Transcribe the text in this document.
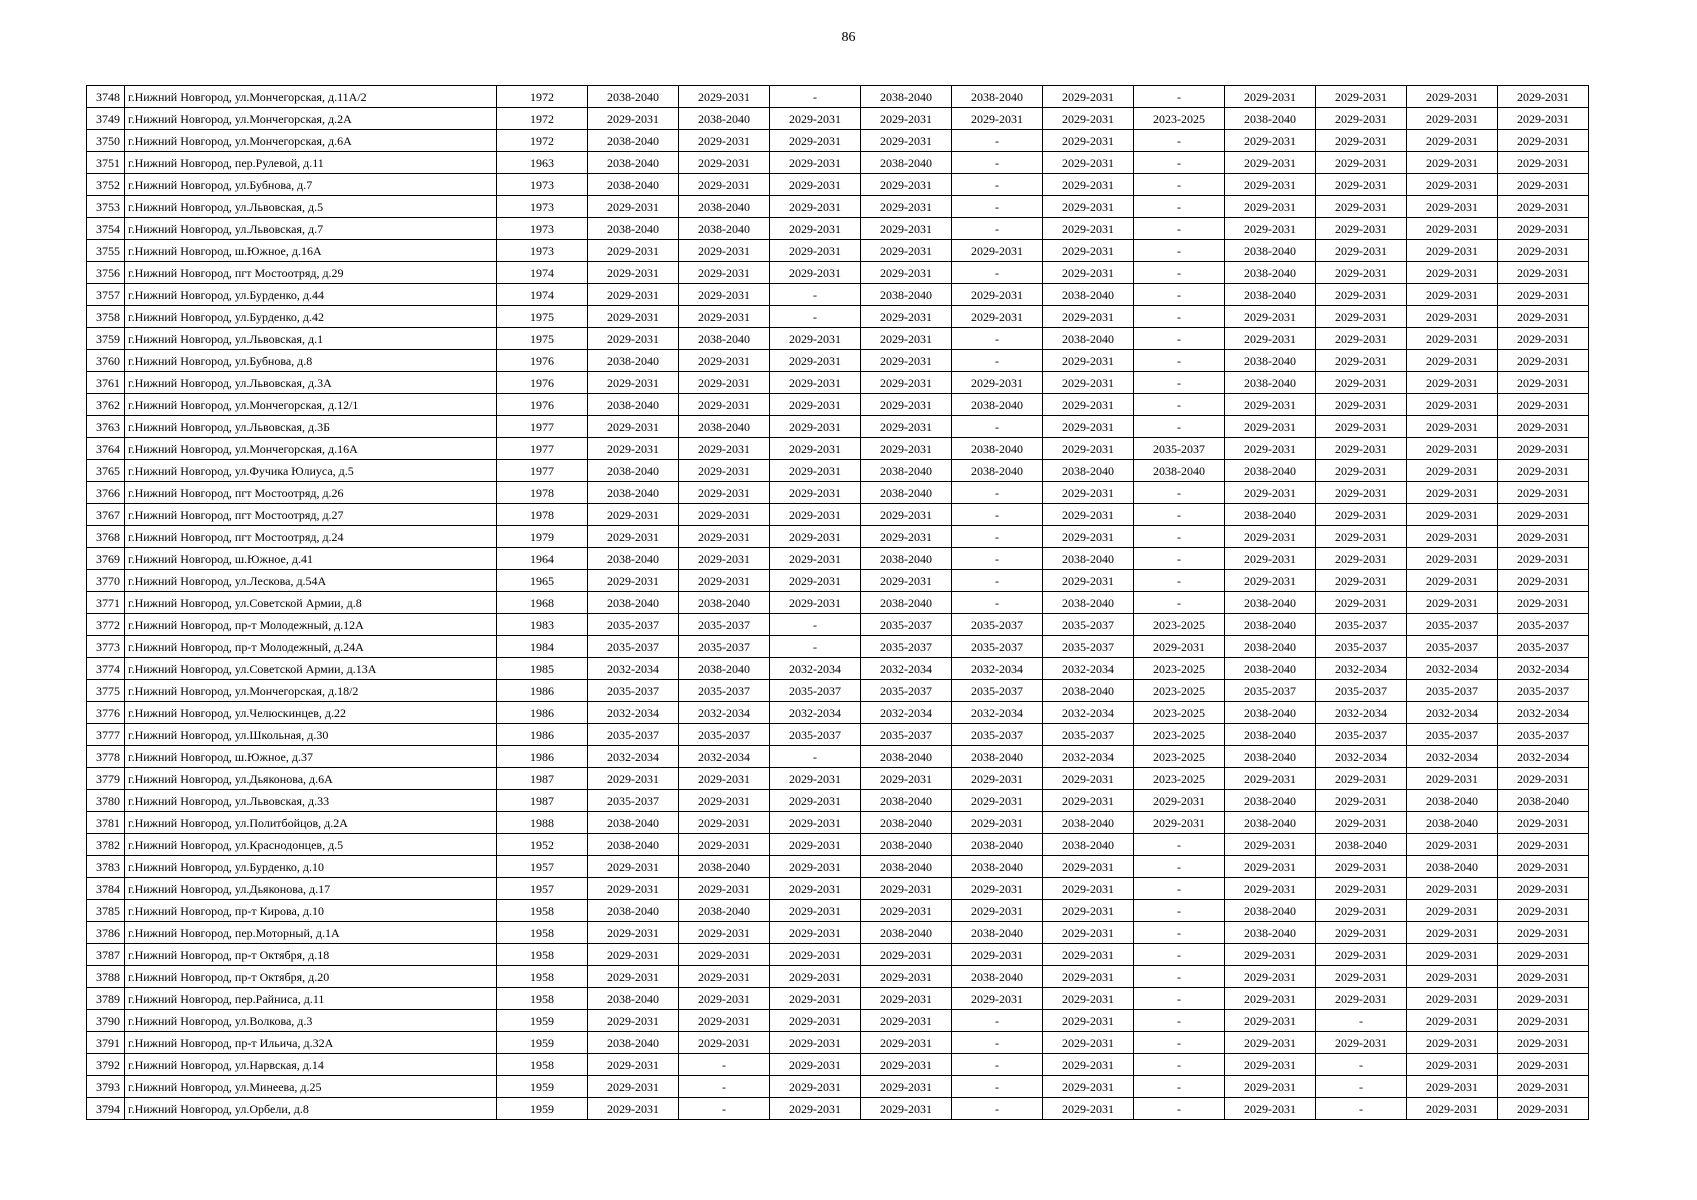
86
3748	г.Нижний Новгород, ул.Мончегорская, д.11А/2	1972	2038-2040	2029-2031	-	2038-2040	2038-2040	2029-2031	-	2029-2031	2029-2031	2029-2031	2029-2031
3749	г.Нижний Новгород, ул.Мончегорская, д.2А	1972	2029-2031	2038-2040	2029-2031	2029-2031	2029-2031	2029-2031	2023-2025	2038-2040	2029-2031	2029-2031	2029-2031
3750	г.Нижний Новгород, ул.Мончегорская, д.6А	1972	2038-2040	2029-2031	2029-2031	2029-2031	-	2029-2031	-	2029-2031	2029-2031	2029-2031	2029-2031
3751	г.Нижний Новгород, пер.Рулевой, д.11	1963	2038-2040	2029-2031	2029-2031	2038-2040	-	2029-2031	-	2029-2031	2029-2031	2029-2031	2029-2031
3752	г.Нижний Новгород, ул.Бубнова, д.7	1973	2038-2040	2029-2031	2029-2031	2029-2031	-	2029-2031	-	2029-2031	2029-2031	2029-2031	2029-2031
3753	г.Нижний Новгород, ул.Львовская, д.5	1973	2029-2031	2038-2040	2029-2031	2029-2031	-	2029-2031	-	2029-2031	2029-2031	2029-2031	2029-2031
3754	г.Нижний Новгород, ул.Львовская, д.7	1973	2038-2040	2038-2040	2029-2031	2029-2031	-	2029-2031	-	2029-2031	2029-2031	2029-2031	2029-2031
3755	г.Нижний Новгород, ш.Южное, д.16А	1973	2029-2031	2029-2031	2029-2031	2029-2031	2029-2031	2029-2031	-	2038-2040	2029-2031	2029-2031	2029-2031
3756	г.Нижний Новгород, пгт Мостоотряд, д.29	1974	2029-2031	2029-2031	2029-2031	2029-2031	-	2029-2031	-	2038-2040	2029-2031	2029-2031	2029-2031
3757	г.Нижний Новгород, ул.Бурденко, д.44	1974	2029-2031	2029-2031	-	2038-2040	2029-2031	2038-2040	-	2038-2040	2029-2031	2029-2031	2029-2031
3758	г.Нижний Новгород, ул.Бурденко, д.42	1975	2029-2031	2029-2031	-	2029-2031	2029-2031	2029-2031	-	2029-2031	2029-2031	2029-2031	2029-2031
3759	г.Нижний Новгород, ул.Львовская, д.1	1975	2029-2031	2038-2040	2029-2031	2029-2031	-	2038-2040	-	2029-2031	2029-2031	2029-2031	2029-2031
3760	г.Нижний Новгород, ул.Бубнова, д.8	1976	2038-2040	2029-2031	2029-2031	2029-2031	-	2029-2031	-	2038-2040	2029-2031	2029-2031	2029-2031
3761	г.Нижний Новгород, ул.Львовская, д.3А	1976	2029-2031	2029-2031	2029-2031	2029-2031	2029-2031	2029-2031	-	2038-2040	2029-2031	2029-2031	2029-2031
3762	г.Нижний Новгород, ул.Мончегорская, д.12/1	1976	2038-2040	2029-2031	2029-2031	2029-2031	2038-2040	2029-2031	-	2029-2031	2029-2031	2029-2031	2029-2031
3763	г.Нижний Новгород, ул.Львовская, д.3Б	1977	2029-2031	2038-2040	2029-2031	2029-2031	-	2029-2031	-	2029-2031	2029-2031	2029-2031	2029-2031
3764	г.Нижний Новгород, ул.Мончегорская, д.16А	1977	2029-2031	2029-2031	2029-2031	2029-2031	2038-2040	2029-2031	2035-2037	2029-2031	2029-2031	2029-2031	2029-2031
3765	г.Нижний Новгород, ул.Фучика Юлиуса, д.5	1977	2038-2040	2029-2031	2029-2031	2038-2040	2038-2040	2038-2040	2038-2040	2038-2040	2029-2031	2029-2031	2029-2031
3766	г.Нижний Новгород, пгт Мостоотряд, д.26	1978	2038-2040	2029-2031	2029-2031	2038-2040	-	2029-2031	-	2029-2031	2029-2031	2029-2031	2029-2031
3767	г.Нижний Новгород, пгт Мостоотряд, д.27	1978	2029-2031	2029-2031	2029-2031	2029-2031	-	2029-2031	-	2038-2040	2029-2031	2029-2031	2029-2031
3768	г.Нижний Новгород, пгт Мостоотряд, д.24	1979	2029-2031	2029-2031	2029-2031	2029-2031	-	2029-2031	-	2029-2031	2029-2031	2029-2031	2029-2031
3769	г.Нижний Новгород, ш.Южное, д.41	1964	2038-2040	2029-2031	2029-2031	2038-2040	-	2038-2040	-	2029-2031	2029-2031	2029-2031	2029-2031
3770	г.Нижний Новгород, ул.Лескова, д.54А	1965	2029-2031	2029-2031	2029-2031	2029-2031	-	2029-2031	-	2029-2031	2029-2031	2029-2031	2029-2031
3771	г.Нижний Новгород, ул.Советской Армии, д.8	1968	2038-2040	2038-2040	2029-2031	2038-2040	-	2038-2040	-	2038-2040	2029-2031	2029-2031	2029-2031
3772	г.Нижний Новгород, пр-т Молодежный, д.12А	1983	2035-2037	2035-2037	-	2035-2037	2035-2037	2035-2037	2023-2025	2038-2040	2035-2037	2035-2037	2035-2037
3773	г.Нижний Новгород, пр-т Молодежный, д.24А	1984	2035-2037	2035-2037	-	2035-2037	2035-2037	2035-2037	2029-2031	2038-2040	2035-2037	2035-2037	2035-2037
3774	г.Нижний Новгород, ул.Советской Армии, д.13А	1985	2032-2034	2038-2040	2032-2034	2032-2034	2032-2034	2032-2034	2023-2025	2038-2040	2032-2034	2032-2034	2032-2034
3775	г.Нижний Новгород, ул.Мончегорская, д.18/2	1986	2035-2037	2035-2037	2035-2037	2035-2037	2035-2037	2038-2040	2023-2025	2035-2037	2035-2037	2035-2037	2035-2037
3776	г.Нижний Новгород, ул.Челюскинцев, д.22	1986	2032-2034	2032-2034	2032-2034	2032-2034	2032-2034	2032-2034	2023-2025	2038-2040	2032-2034	2032-2034	2032-2034
3777	г.Нижний Новгород, ул.Школьная, д.30	1986	2035-2037	2035-2037	2035-2037	2035-2037	2035-2037	2035-2037	2023-2025	2038-2040	2035-2037	2035-2037	2035-2037
3778	г.Нижний Новгород, ш.Южное, д.37	1986	2032-2034	2032-2034	-	2038-2040	2038-2040	2032-2034	2023-2025	2038-2040	2032-2034	2032-2034	2032-2034
3779	г.Нижний Новгород, ул.Дьяконова, д.6А	1987	2029-2031	2029-2031	2029-2031	2029-2031	2029-2031	2029-2031	2023-2025	2029-2031	2029-2031	2029-2031	2029-2031
3780	г.Нижний Новгород, ул.Львовская, д.33	1987	2035-2037	2029-2031	2029-2031	2038-2040	2029-2031	2029-2031	2029-2031	2038-2040	2029-2031	2038-2040	2038-2040
3781	г.Нижний Новгород, ул.Политбойцов, д.2А	1988	2038-2040	2029-2031	2029-2031	2038-2040	2029-2031	2038-2040	2029-2031	2038-2040	2029-2031	2038-2040	2029-2031
3782	г.Нижний Новгород, ул.Краснодонцев, д.5	1952	2038-2040	2029-2031	2029-2031	2038-2040	2038-2040	2038-2040	-	2029-2031	2038-2040	2029-2031	2029-2031
3783	г.Нижний Новгород, ул.Бурденко, д.10	1957	2029-2031	2038-2040	2029-2031	2038-2040	2038-2040	2029-2031	-	2029-2031	2029-2031	2038-2040	2029-2031
3784	г.Нижний Новгород, ул.Дьяконова, д.17	1957	2029-2031	2029-2031	2029-2031	2029-2031	2029-2031	2029-2031	-	2029-2031	2029-2031	2029-2031	2029-2031
3785	г.Нижний Новгород, пр-т Кирова, д.10	1958	2038-2040	2038-2040	2029-2031	2029-2031	2029-2031	2029-2031	-	2038-2040	2029-2031	2029-2031	2029-2031
3786	г.Нижний Новгород, пер.Моторный, д.1А	1958	2029-2031	2029-2031	2029-2031	2038-2040	2038-2040	2029-2031	-	2038-2040	2029-2031	2029-2031	2029-2031
3787	г.Нижний Новгород, пр-т Октября, д.18	1958	2029-2031	2029-2031	2029-2031	2029-2031	2029-2031	2029-2031	-	2029-2031	2029-2031	2029-2031	2029-2031
3788	г.Нижний Новгород, пр-т Октября, д.20	1958	2029-2031	2029-2031	2029-2031	2029-2031	2038-2040	2029-2031	-	2029-2031	2029-2031	2029-2031	2029-2031
3789	г.Нижний Новгород, пер.Райниса, д.11	1958	2038-2040	2029-2031	2029-2031	2029-2031	2029-2031	2029-2031	-	2029-2031	2029-2031	2029-2031	2029-2031
3790	г.Нижний Новгород, ул.Волкова, д.3	1959	2029-2031	2029-2031	2029-2031	2029-2031	-	2029-2031	-	2029-2031	-	2029-2031	2029-2031
3791	г.Нижний Новгород, пр-т Ильича, д.32А	1959	2038-2040	2029-2031	2029-2031	2029-2031	-	2029-2031	-	2029-2031	2029-2031	2029-2031	2029-2031
3792	г.Нижний Новгород, ул.Нарвская, д.14	1958	2029-2031	-	2029-2031	2029-2031	-	2029-2031	-	2029-2031	-	2029-2031	2029-2031
3793	г.Нижний Новгород, ул.Минеева, д.25	1959	2029-2031	-	2029-2031	2029-2031	-	2029-2031	-	2029-2031	-	2029-2031	2029-2031
3794	г.Нижний Новгород, ул.Орбели, д.8	1959	2029-2031	-	2029-2031	2029-2031	-	2029-2031	-	2029-2031	-	2029-2031	2029-2031
